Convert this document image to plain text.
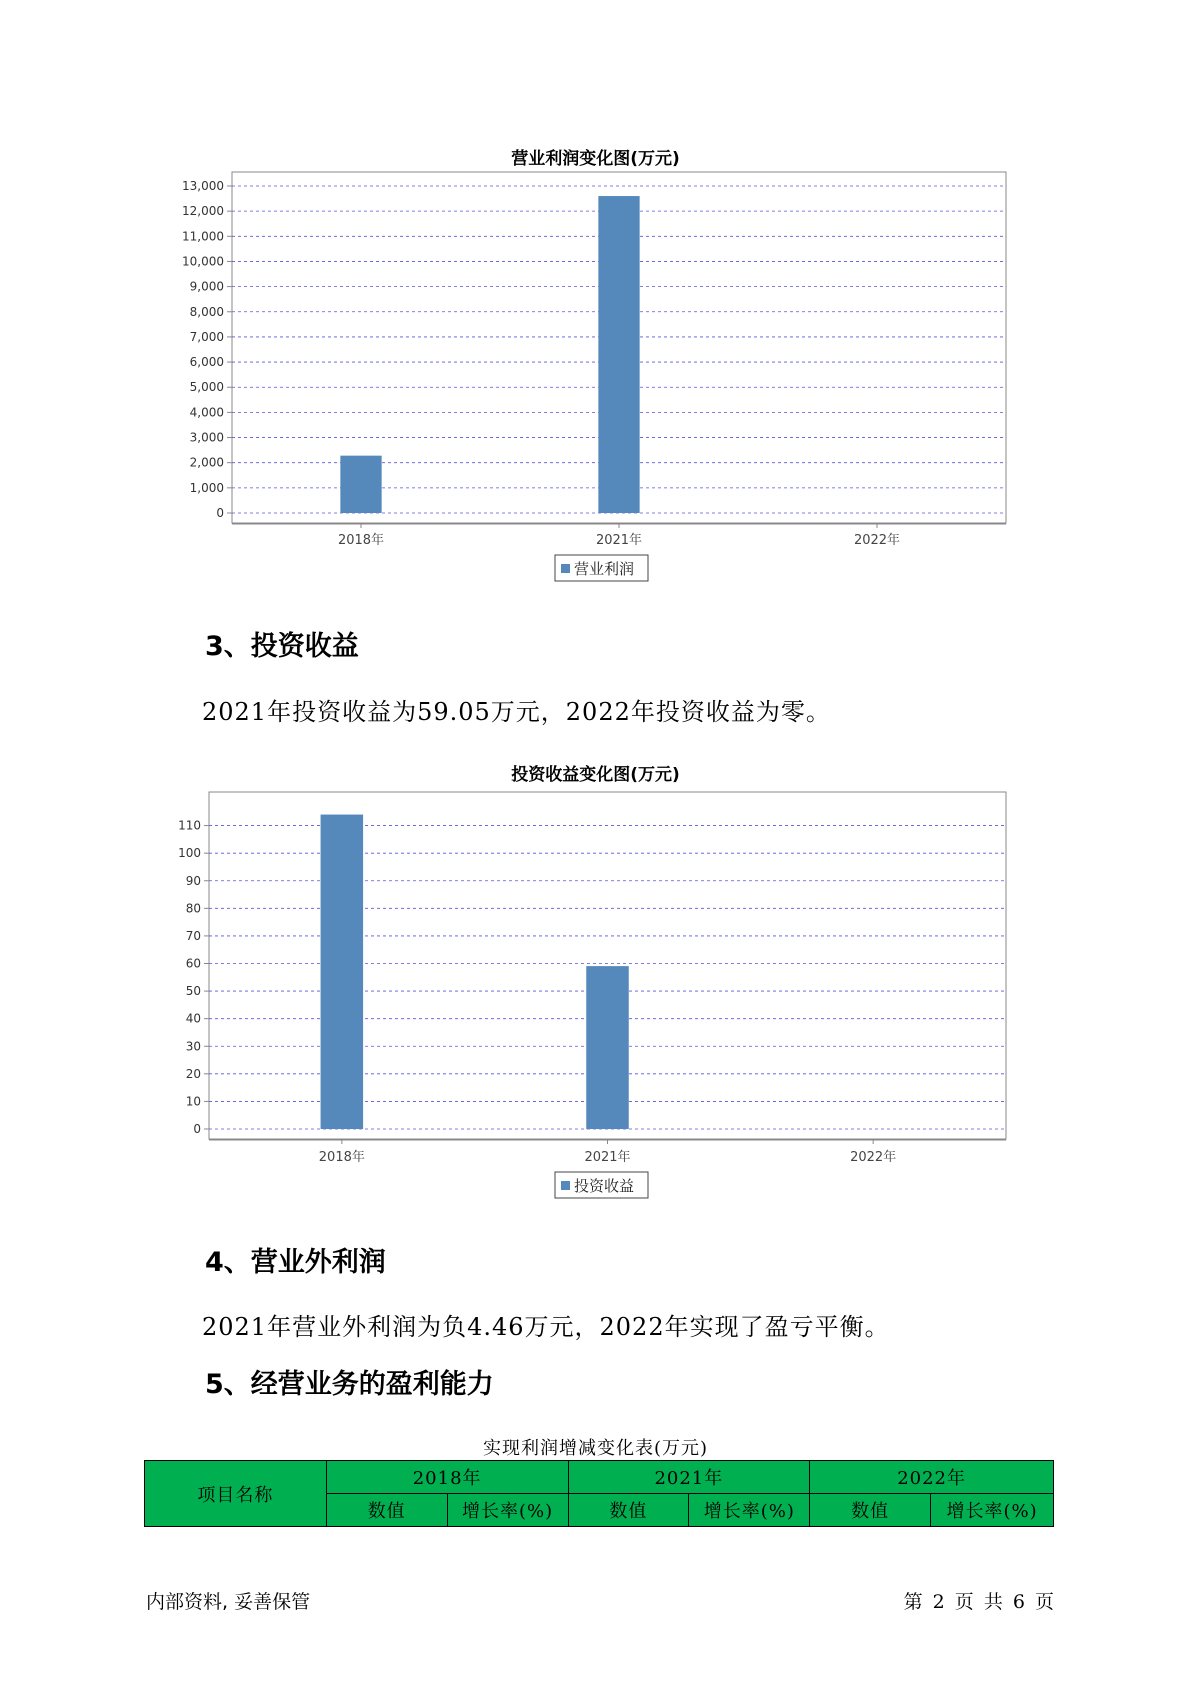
营业利润变化图(万元)
0
1,000
2,000
3,000
4,000
5,000
6,000
7,000
8,000
9,000
10,000
11,000
12,000
13,000
2018年	2021年	2022年
营业利润
3、投资收益
2021年投资收益为59.05万元，2022年投资收益为零。
投资收益变化图(万元)
0
10
20
30
40
50
60
70
80
90
100
110
2018年	2021年	2022年
投资收益
4、营业外利润
2021年营业外利润为负4.46万元，2022年实现了盈亏平衡。
5、经营业务的盈利能力
实现利润增减变化表(万元)
项目名称	2018年		2021年		2022年	
	数值	增长率(%)	数值	增长率(%)	数值	增长率(%)
内部资料, 妥善保管	第 2 页 共 6 页
